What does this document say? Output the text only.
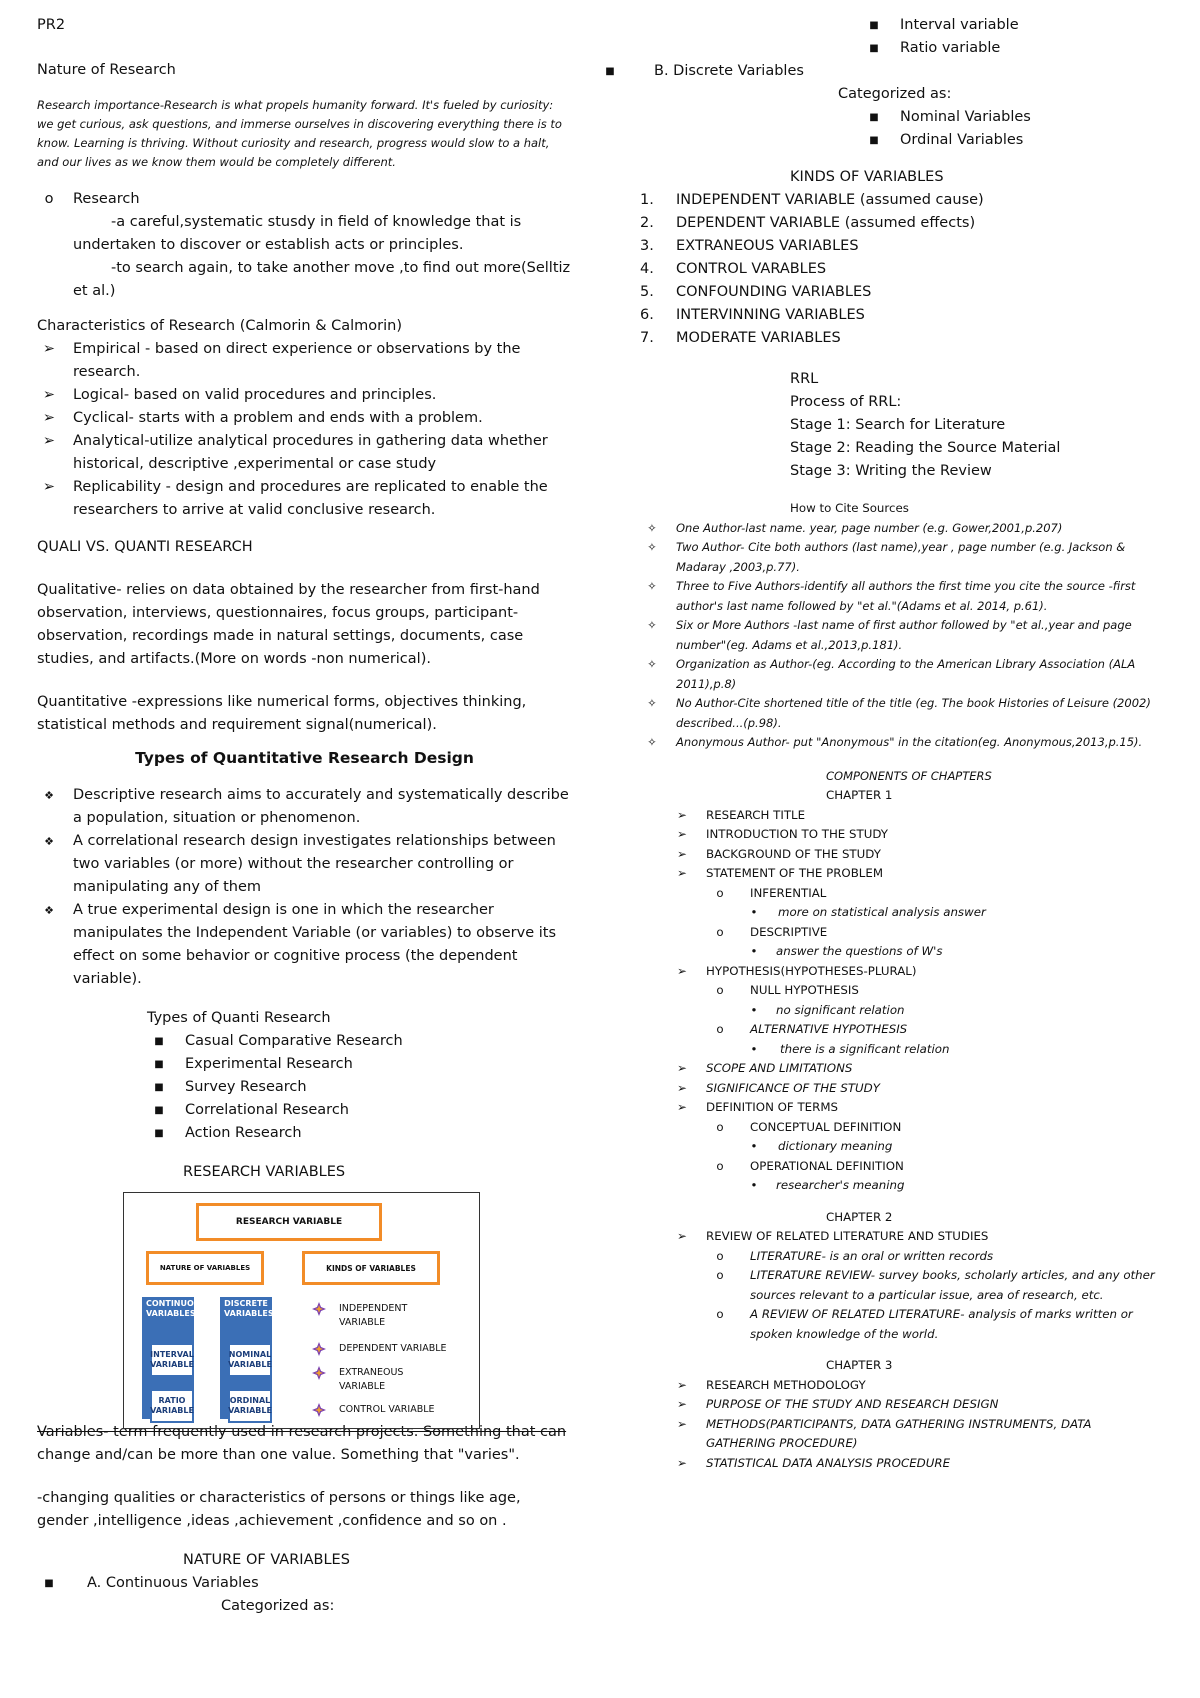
PR2

Nature of Research

Research importance-Research is what propels humanity forward. It's fueled by curiosity: we get curious, ask questions, and immerse ourselves in discovering everything there is to know. Learning is thriving. Without curiosity and research, progress would slow to a halt, and our lives as we know them would be completely different.

o	Research

-a careful,systematic stusdy in field of knowledge that is undertaken to discover or establish acts or principles.

-to search again, to take another move ,to find out more(Selltiz et al.)

Characteristics of Research (Calmorin & Calmorin)

➢	Empirical - based on direct experience or observations by the research.
➢	Logical- based on valid procedures and principles.
➢	Cyclical- starts with a problem and ends with a problem.
➢	Analytical-utilize analytical procedures in gathering data whether historical, descriptive ,experimental or case study
➢	Replicability - design and procedures are replicated to enable the researchers to arrive at valid conclusive research.

QUALI VS. QUANTI RESEARCH

Qualitative- relies on data obtained by the researcher from first-hand observation, interviews, questionnaires, focus groups, participant-observation, recordings made in natural settings, documents, case studies, and artifacts.(More on words -non numerical).

Quantitative -expressions like numerical forms, objectives thinking, statistical methods and requirement signal(numerical).

Types of Quantitative Research Design

❖	Descriptive research aims to accurately and systematically describe a population, situation or phenomenon.
❖	A correlational research design investigates relationships between two variables (or more) without the researcher controlling or manipulating any of them
❖	A true experimental design is one in which the researcher manipulates the Independent Variable (or variables) to observe its effect on some behavior or cognitive process (the dependent variable).

Types of Quanti Research

■	Casual Comparative Research
■	Experimental Research
■	Survey Research
■	Correlational Research
■	Action Research

RESEARCH VARIABLES

RESEARCH VARIABLE
NATURE OF VARIABLES	KINDS OF VARIABLES
CONTINUOUS VARIABLES
INTERVAL VARIABLE
RATIO VARIABLE
DISCRETE VARIABLES
NOMINAL VARIABLE
ORDINAL VARIABLE
INDEPENDENT VARIABLE
DEPENDENT VARIABLE
EXTRANEOUS VARIABLE
CONTROL VARIABLE

Variables- term frequently used in research projects. Something that can
change and/can be more than one value. Something that "varies".

-changing qualities or characteristics of persons or things like age, gender ,intelligence ,ideas ,achievement ,confidence and so on .

NATURE OF VARIABLES

■	A. Continuous Variables

Categorized as:

■	Interval variable
■	Ratio variable
■	B. Discrete Variables

Categorized as:

■	Nominal Variables
■	Ordinal Variables

KINDS OF VARIABLES

1.	INDEPENDENT VARIABLE (assumed cause)
2.	DEPENDENT VARIABLE (assumed effects)
3.	EXTRANEOUS VARIABLES
4.	CONTROL VARABLES
5.	CONFOUNDING VARIABLES
6.	INTERVINNING VARIABLES
7.	MODERATE VARIABLES

RRL

Process of RRL:

Stage 1: Search for Literature

Stage 2: Reading the Source Material

Stage 3: Writing the Review

How to Cite Sources

✧	One Author-last name. year, page number (e.g. Gower,2001,p.207)
✧	Two Author- Cite both authors (last name),year , page number (e.g. Jackson & Madaray ,2003,p.77).
✧	Three to Five Authors-identify all authors the first time you cite the source -first author's last name followed by "et al."(Adams et al. 2014, p.61).
✧	Six or More Authors -last name of first author followed by "et al.,year and page number"(eg. Adams et al.,2013,p.181).
✧	Organization as Author-(eg. According to the American Library Association (ALA 2011),p.8)
✧	No Author-Cite shortened title of the title (eg. The book Histories of Leisure (2002) described...(p.98).
✧	Anonymous Author- put "Anonymous" in the citation(eg. Anonymous,2013,p.15).

COMPONENTS OF CHAPTERS

CHAPTER 1

➢	RESEARCH TITLE
➢	INTRODUCTION TO THE STUDY
➢	BACKGROUND OF THE STUDY
➢	STATEMENT OF THE PROBLEM
o	INFERENTIAL
•	more on statistical analysis answer
o	DESCRIPTIVE
•	answer the questions of W's
➢	HYPOTHESIS(HYPOTHESES-PLURAL)
o	NULL HYPOTHESIS
•	no significant relation
o	ALTERNATIVE HYPOTHESIS
•	there is a significant relation
➢	SCOPE AND LIMITATIONS
➢	SIGNIFICANCE OF THE STUDY
➢	DEFINITION OF TERMS
o	CONCEPTUAL DEFINITION
•	dictionary meaning
o	OPERATIONAL DEFINITION
•	researcher's meaning

CHAPTER 2

➢	REVIEW OF RELATED LITERATURE AND STUDIES
o	LITERATURE- is an oral or written records
o	LITERATURE REVIEW- survey books, scholarly articles, and any other sources relevant to a particular issue, area of research, etc.
o	A REVIEW OF RELATED LITERATURE- analysis of marks written or spoken knowledge of the world.

CHAPTER 3

➢	RESEARCH METHODOLOGY
➢	PURPOSE OF THE STUDY AND RESEARCH DESIGN
➢	METHODS(PARTICIPANTS, DATA GATHERING INSTRUMENTS, DATA GATHERING PROCEDURE)
➢	STATISTICAL DATA ANALYSIS PROCEDURE
